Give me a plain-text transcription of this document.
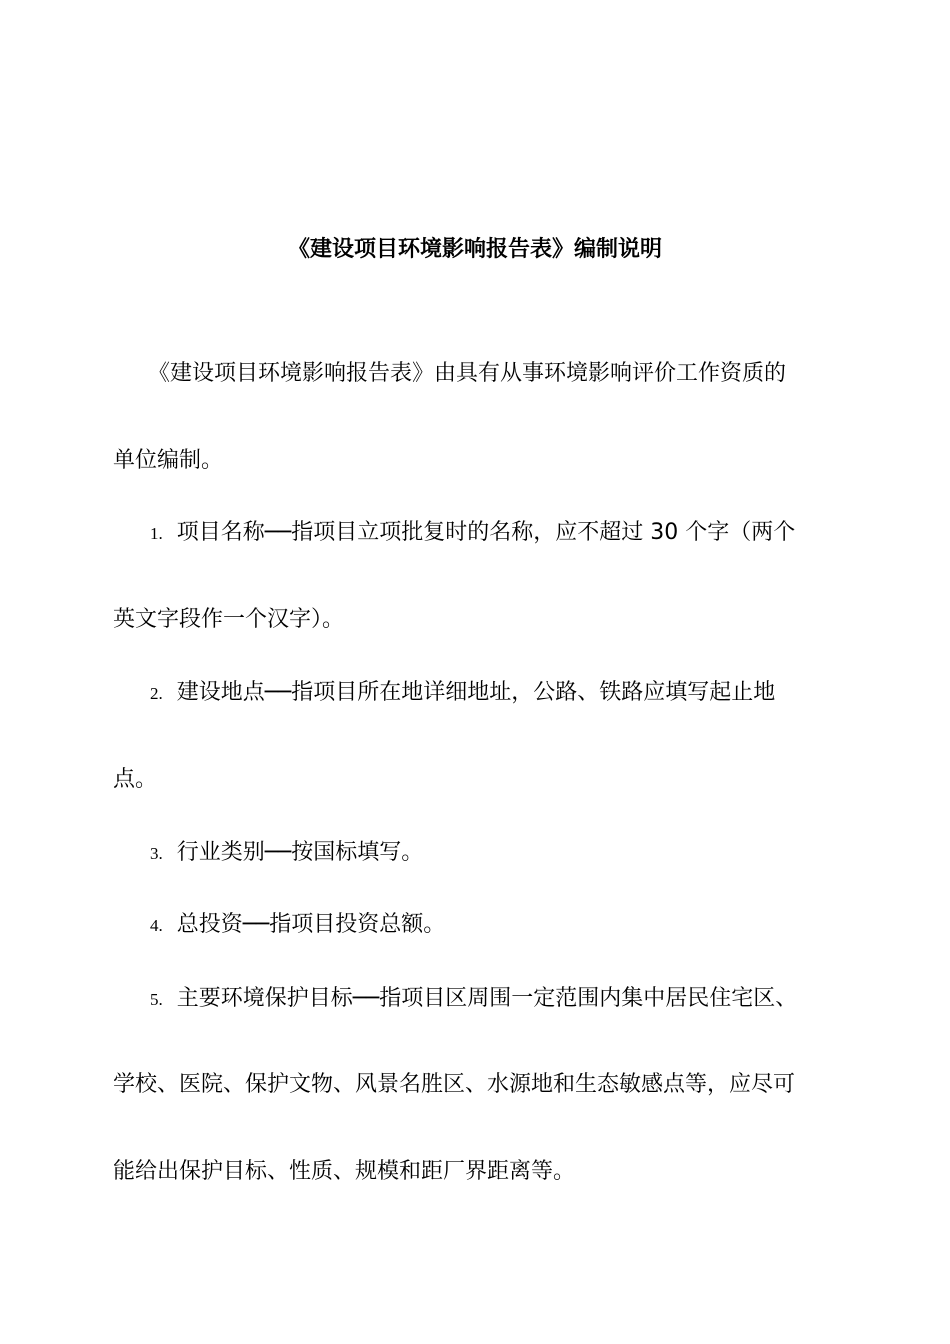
《建设项目环境影响报告表》编制说明
《建设项目环境影响报告表》由具有从事环境影响评价工作资质的
单位编制。
1. 项目名称──指项目立项批复时的名称，应不超过 30 个字（两个
英文字段作一个汉字）。
2. 建设地点──指项目所在地详细地址，公路、铁路应填写起止地
点。
3. 行业类别──按国标填写。
4. 总投资──指项目投资总额。
5. 主要环境保护目标──指项目区周围一定范围内集中居民住宅区、
学校、医院、保护文物、风景名胜区、水源地和生态敏感点等，应尽可
能给出保护目标、性质、规模和距厂界距离等。
